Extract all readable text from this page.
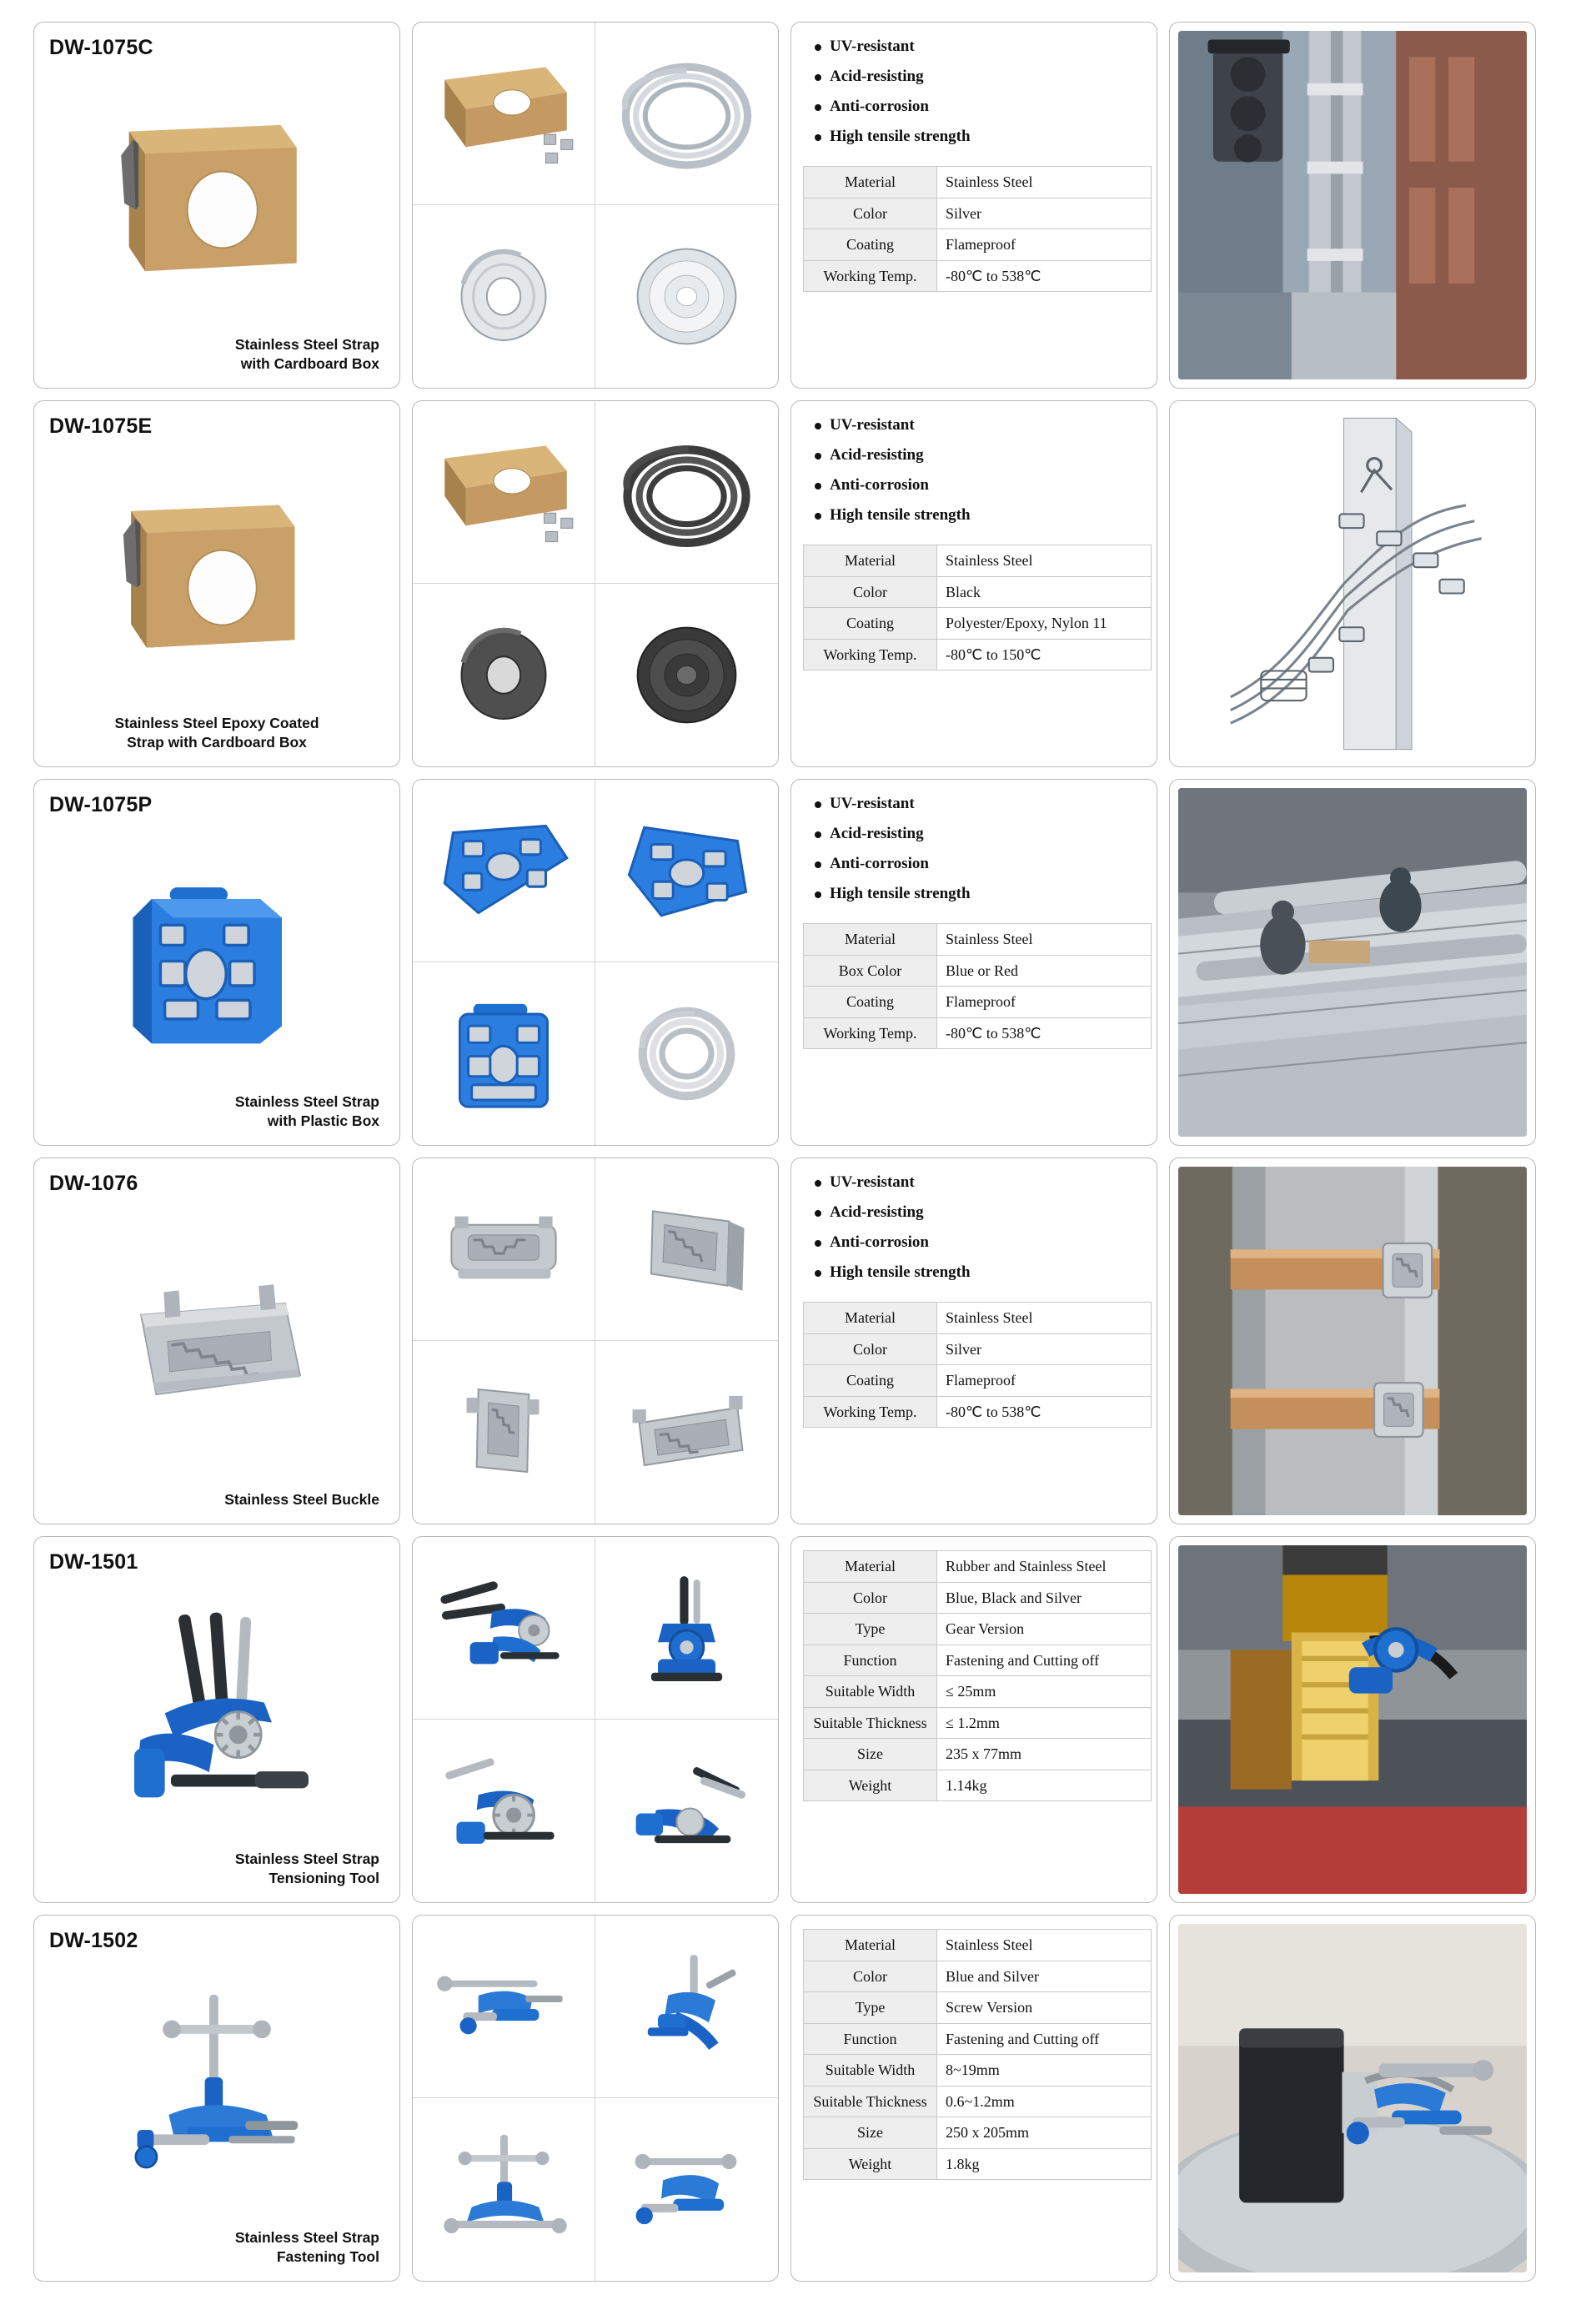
DW-1075C
Stainless Steel Strap
with Cardboard Box

UV-resistant

Acid-resisting

Anti-corrosion

High tensile strength

Material	Stainless Steel
Color	Silver
Coating	Flameproof
Working Temp.	-80℃ to 538℃
DW-1075E
Stainless Steel Epoxy Coated
Strap with Cardboard Box

UV-resistant

Acid-resisting

Anti-corrosion

High tensile strength

Material	Stainless Steel
Color	Black
Coating	Polyester/Epoxy, Nylon 11
Working Temp.	-80℃ to 150℃
DW-1075P
Stainless Steel Strap
with Plastic Box

UV-resistant

Acid-resisting

Anti-corrosion

High tensile strength

Material	Stainless Steel
Box Color	Blue or Red
Coating	Flameproof
Working Temp.	-80℃ to 538℃
DW-1076
Stainless Steel Buckle

UV-resistant

Acid-resisting

Anti-corrosion

High tensile strength

Material	Stainless Steel
Color	Silver
Coating	Flameproof
Working Temp.	-80℃ to 538℃
DW-1501
Stainless Steel Strap
Tensioning Tool
Material	Rubber and Stainless Steel
Color	Blue, Black and Silver
Type	Gear Version
Function	Fastening and Cutting off
Suitable Width	≤ 25mm
Suitable Thickness	≤ 1.2mm
Size	235 x 77mm
Weight	1.14kg
DW-1502
Stainless Steel Strap
Fastening Tool
Material	Stainless Steel
Color	Blue and Silver
Type	Screw Version
Function	Fastening and Cutting off
Suitable Width	8~19mm
Suitable Thickness	0.6~1.2mm
Size	250 x 205mm
Weight	1.8kg
